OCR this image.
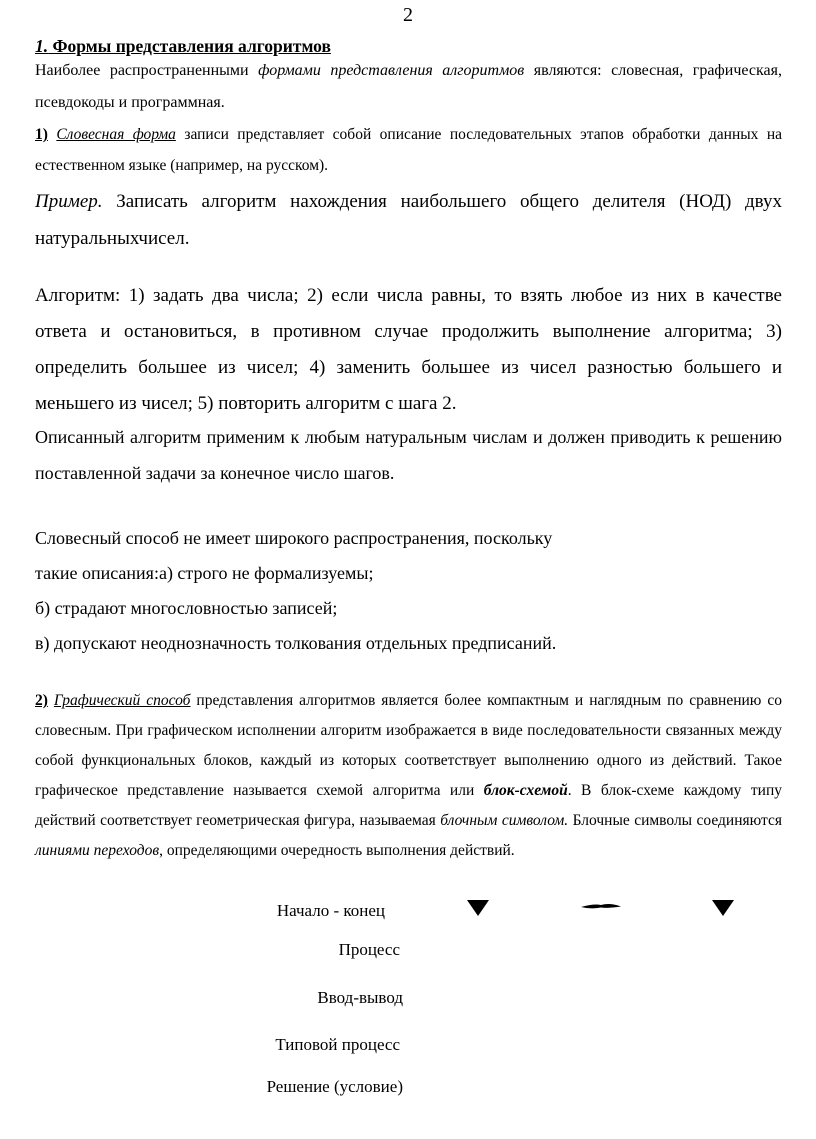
2
1. Формы представления алгоритмов
Наиболее распространенными формами представления алгоритмов являются: словесная, графическая, псевдокоды и программная.
1) Словесная форма записи представляет собой описание последовательных этапов обработки данных на естественном языке (например, на русском).
Пример. Записать алгоритм нахождения наибольшего общего делителя (НОД) двух натуральныхчисел.
Алгоритм: 1) задать два числа; 2) если числа равны, то взять любое из них в качестве ответа и остановиться, в противном случае продолжить выполнение алгоритма; 3) определить большее из чисел; 4) заменить большее из чисел разностью большего и меньшего из чисел; 5) повторить алгоритм с шага 2.
Описанный алгоритм применим к любым натуральным числам и должен приводить к решению поставленной задачи за конечное число шагов.
Словесный способ не имеет широкого распространения, поскольку
такие описания:а) строго не формализуемы;
б) страдают многословностью записей;
в) допускают неоднозначность толкования отдельных предписаний.
2) Графический способ представления алгоритмов является более компактным и наглядным по сравнению со словесным. При графическом исполнении алгоритм изображается в виде последовательности связанных между собой функциональных блоков, каждый из которых соответствует выполнению одного из действий. Такое графическое представление называется схемой алгоритма или блок-схемой. В блок-схеме каждому типу действий соответствует геометрическая фигура, называемая блочным символом. Блочные символы соединяются линиями переходов, определяющими очередность выполнения действий.
Начало - конец
Процесс
Ввод-вывод
Типовой процесс
Решение (условие)
